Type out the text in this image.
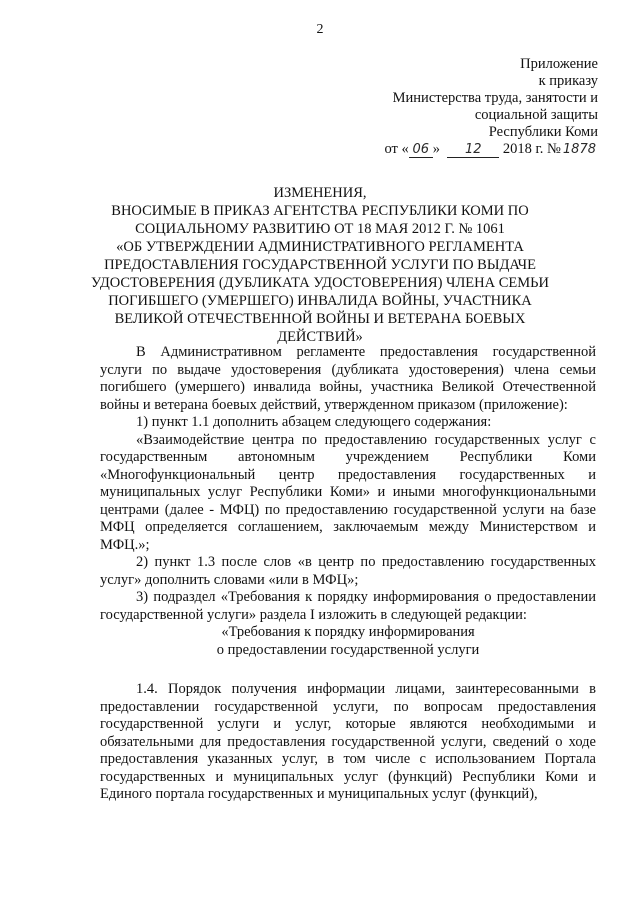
2
Приложение
к приказу
Министерства труда, занятости и
социальной защиты
Республики Коми
от « 06 » 12 2018 г. № 1878
ИЗМЕНЕНИЯ,
ВНОСИМЫЕ В ПРИКАЗ АГЕНТСТВА РЕСПУБЛИКИ КОМИ ПО
СОЦИАЛЬНОМУ РАЗВИТИЮ ОТ 18 МАЯ 2012 Г. № 1061
«ОБ УТВЕРЖДЕНИИ АДМИНИСТРАТИВНОГО РЕГЛАМЕНТА
ПРЕДОСТАВЛЕНИЯ ГОСУДАРСТВЕННОЙ УСЛУГИ ПО ВЫДАЧЕ
УДОСТОВЕРЕНИЯ (ДУБЛИКАТА УДОСТОВЕРЕНИЯ) ЧЛЕНА СЕМЬИ
ПОГИБШЕГО (УМЕРШЕГО) ИНВАЛИДА ВОЙНЫ, УЧАСТНИКА
ВЕЛИКОЙ ОТЕЧЕСТВЕННОЙ ВОЙНЫ И ВЕТЕРАНА БОЕВЫХ
ДЕЙСТВИЙ»

В Административном регламенте предоставления государственной услуги по выдаче удостоверения (дубликата удостоверения) члена семьи погибшего (умершего) инвалида войны, участника Великой Отечественной войны и ветерана боевых действий, утвержденном приказом (приложение):

1) пункт 1.1 дополнить абзацем следующего содержания:

«Взаимодействие центра по предоставлению государственных услуг с государственным автономным учреждением Республики Коми «Многофункциональный центр предоставления государственных и муниципальных услуг Республики Коми» и иными многофункциональными центрами (далее - МФЦ) по предоставлению государственной услуги на базе МФЦ определяется соглашением, заключаемым между Министерством и МФЦ.»;

2) пункт 1.3 после слов «в центр по предоставлению государственных услуг» дополнить словами «или в МФЦ»;

3) подраздел «Требования к порядку информирования о предоставлении государственной услуги» раздела I изложить в следующей редакции:

«Требования к порядку информирования

о предоставлении государственной услуги

1.4. Порядок получения информации лицами, заинтересованными в предоставлении государственной услуги, по вопросам предоставления государственной услуги и услуг, которые являются необходимыми и обязательными для предоставления государственной услуги, сведений о ходе предоставления указанных услуг, в том числе с использованием Портала государственных и муниципальных услуг (функций) Республики Коми и Единого портала государственных и муниципальных услуг (функций),
